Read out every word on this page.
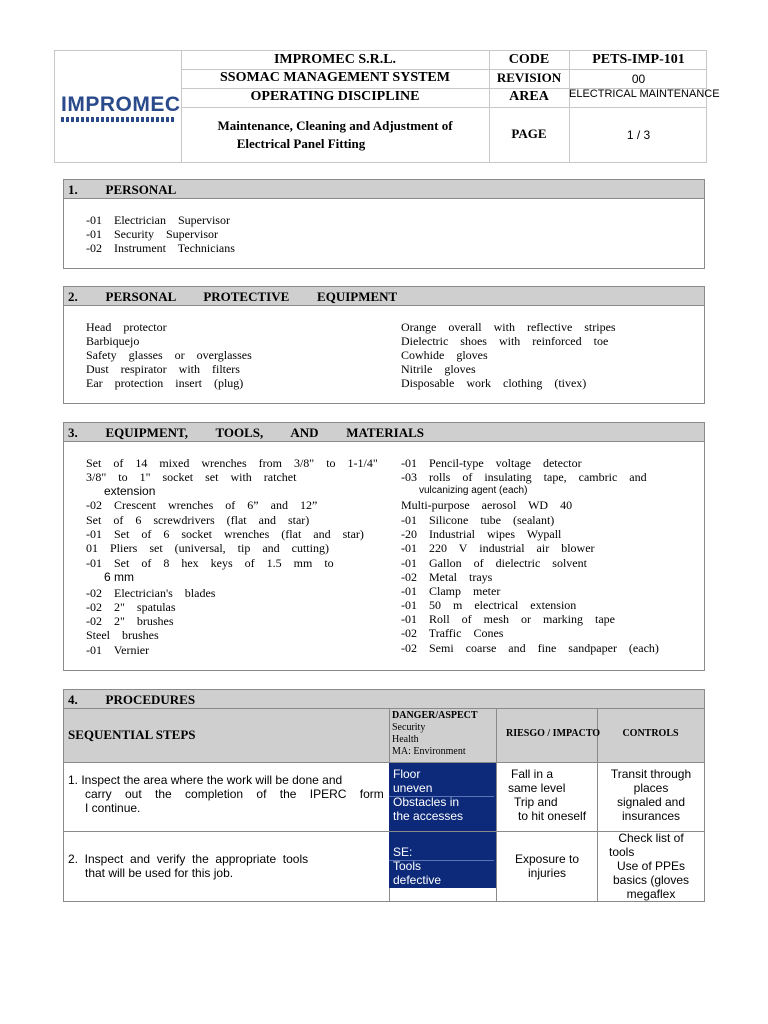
IMPROMEC
IMPROMEC S.R.L.
SSOMAC MANAGEMENT SYSTEM
OPERATING DISCIPLINE
Maintenance, Cleaning and Adjustment of
Electrical Panel Fitting
CODE
REVISION
AREA
PAGE
PETS-IMP-101
00
ELECTRICAL MAINTENANCE
1 / 3
1.   PERSONAL
-01    Electrician    Supervisor
-01    Security    Supervisor
-02    Instrument    Technicians
2.   PERSONAL   PROTECTIVE   EQUIPMENT
Head    protector
Barbiquejo
Safety    glasses    or    overglasses
Dust    respirator    with    filters
Ear    protection    insert    (plug)
Orange    overall    with    reflective    stripes
Dielectric    shoes    with    reinforced    toe
Cowhide    gloves
Nitrile    gloves
Disposable    work    clothing    (tivex)
3.   EQUIPMENT,   TOOLS,   AND   MATERIALS
Set    of    14    mixed    wrenches    from    3/8"    to    1-1/4"
3/8"    to    1"    socket    set    with    ratchet
extension
-02    Crescent    wrenches    of    6”    and    12”
Set    of    6    screwdrivers    (flat    and    star)
-01    Set    of    6    socket    wrenches    (flat    and    star)
01    Pliers    set    (universal,    tip    and    cutting)
-01    Set    of    8    hex    keys    of    1.5    mm    to
6 mm
-02    Electrician's    blades
-02    2"    spatulas
-02    2"    brushes
Steel    brushes
-01    Vernier
-01    Pencil-type    voltage    detector
-03    rolls    of    insulating    tape,    cambric    and
vulcanizing agent (each)
Multi-purpose    aerosol    WD    40
-01    Silicone    tube    (sealant)
-20    Industrial    wipes    Wypall
-01    220    V    industrial    air    blower
-01    Gallon    of    dielectric    solvent
-02    Metal    trays
-01    Clamp    meter
-01    50    m    electrical    extension
-01    Roll    of    mesh    or    marking    tape
-02    Traffic    Cones
-02    Semi    coarse    and    fine    sandpaper    (each)
4.   PROCEDURES
SEQUENTIAL STEPS
DANGER/ASPECT
Security
Health
MA: Environment
RIESGO / IMPACTO	CONTROLS
1. Inspect the area where the work will be done and
carry    out    the    completion    of    the    IPERC    form
I continue.
Floor
uneven
Obstacles in
the accesses
Fall in a
same level
Trip and
to hit oneself
Transit through
places
signaled and
insurances
2.  Inspect  and  verify  the  appropriate  tools
that will be used for this job.
SE:
Tools
defective
Exposure to
injuries
Check list of
tools
Use of PPEs
basics (gloves
megaflex
